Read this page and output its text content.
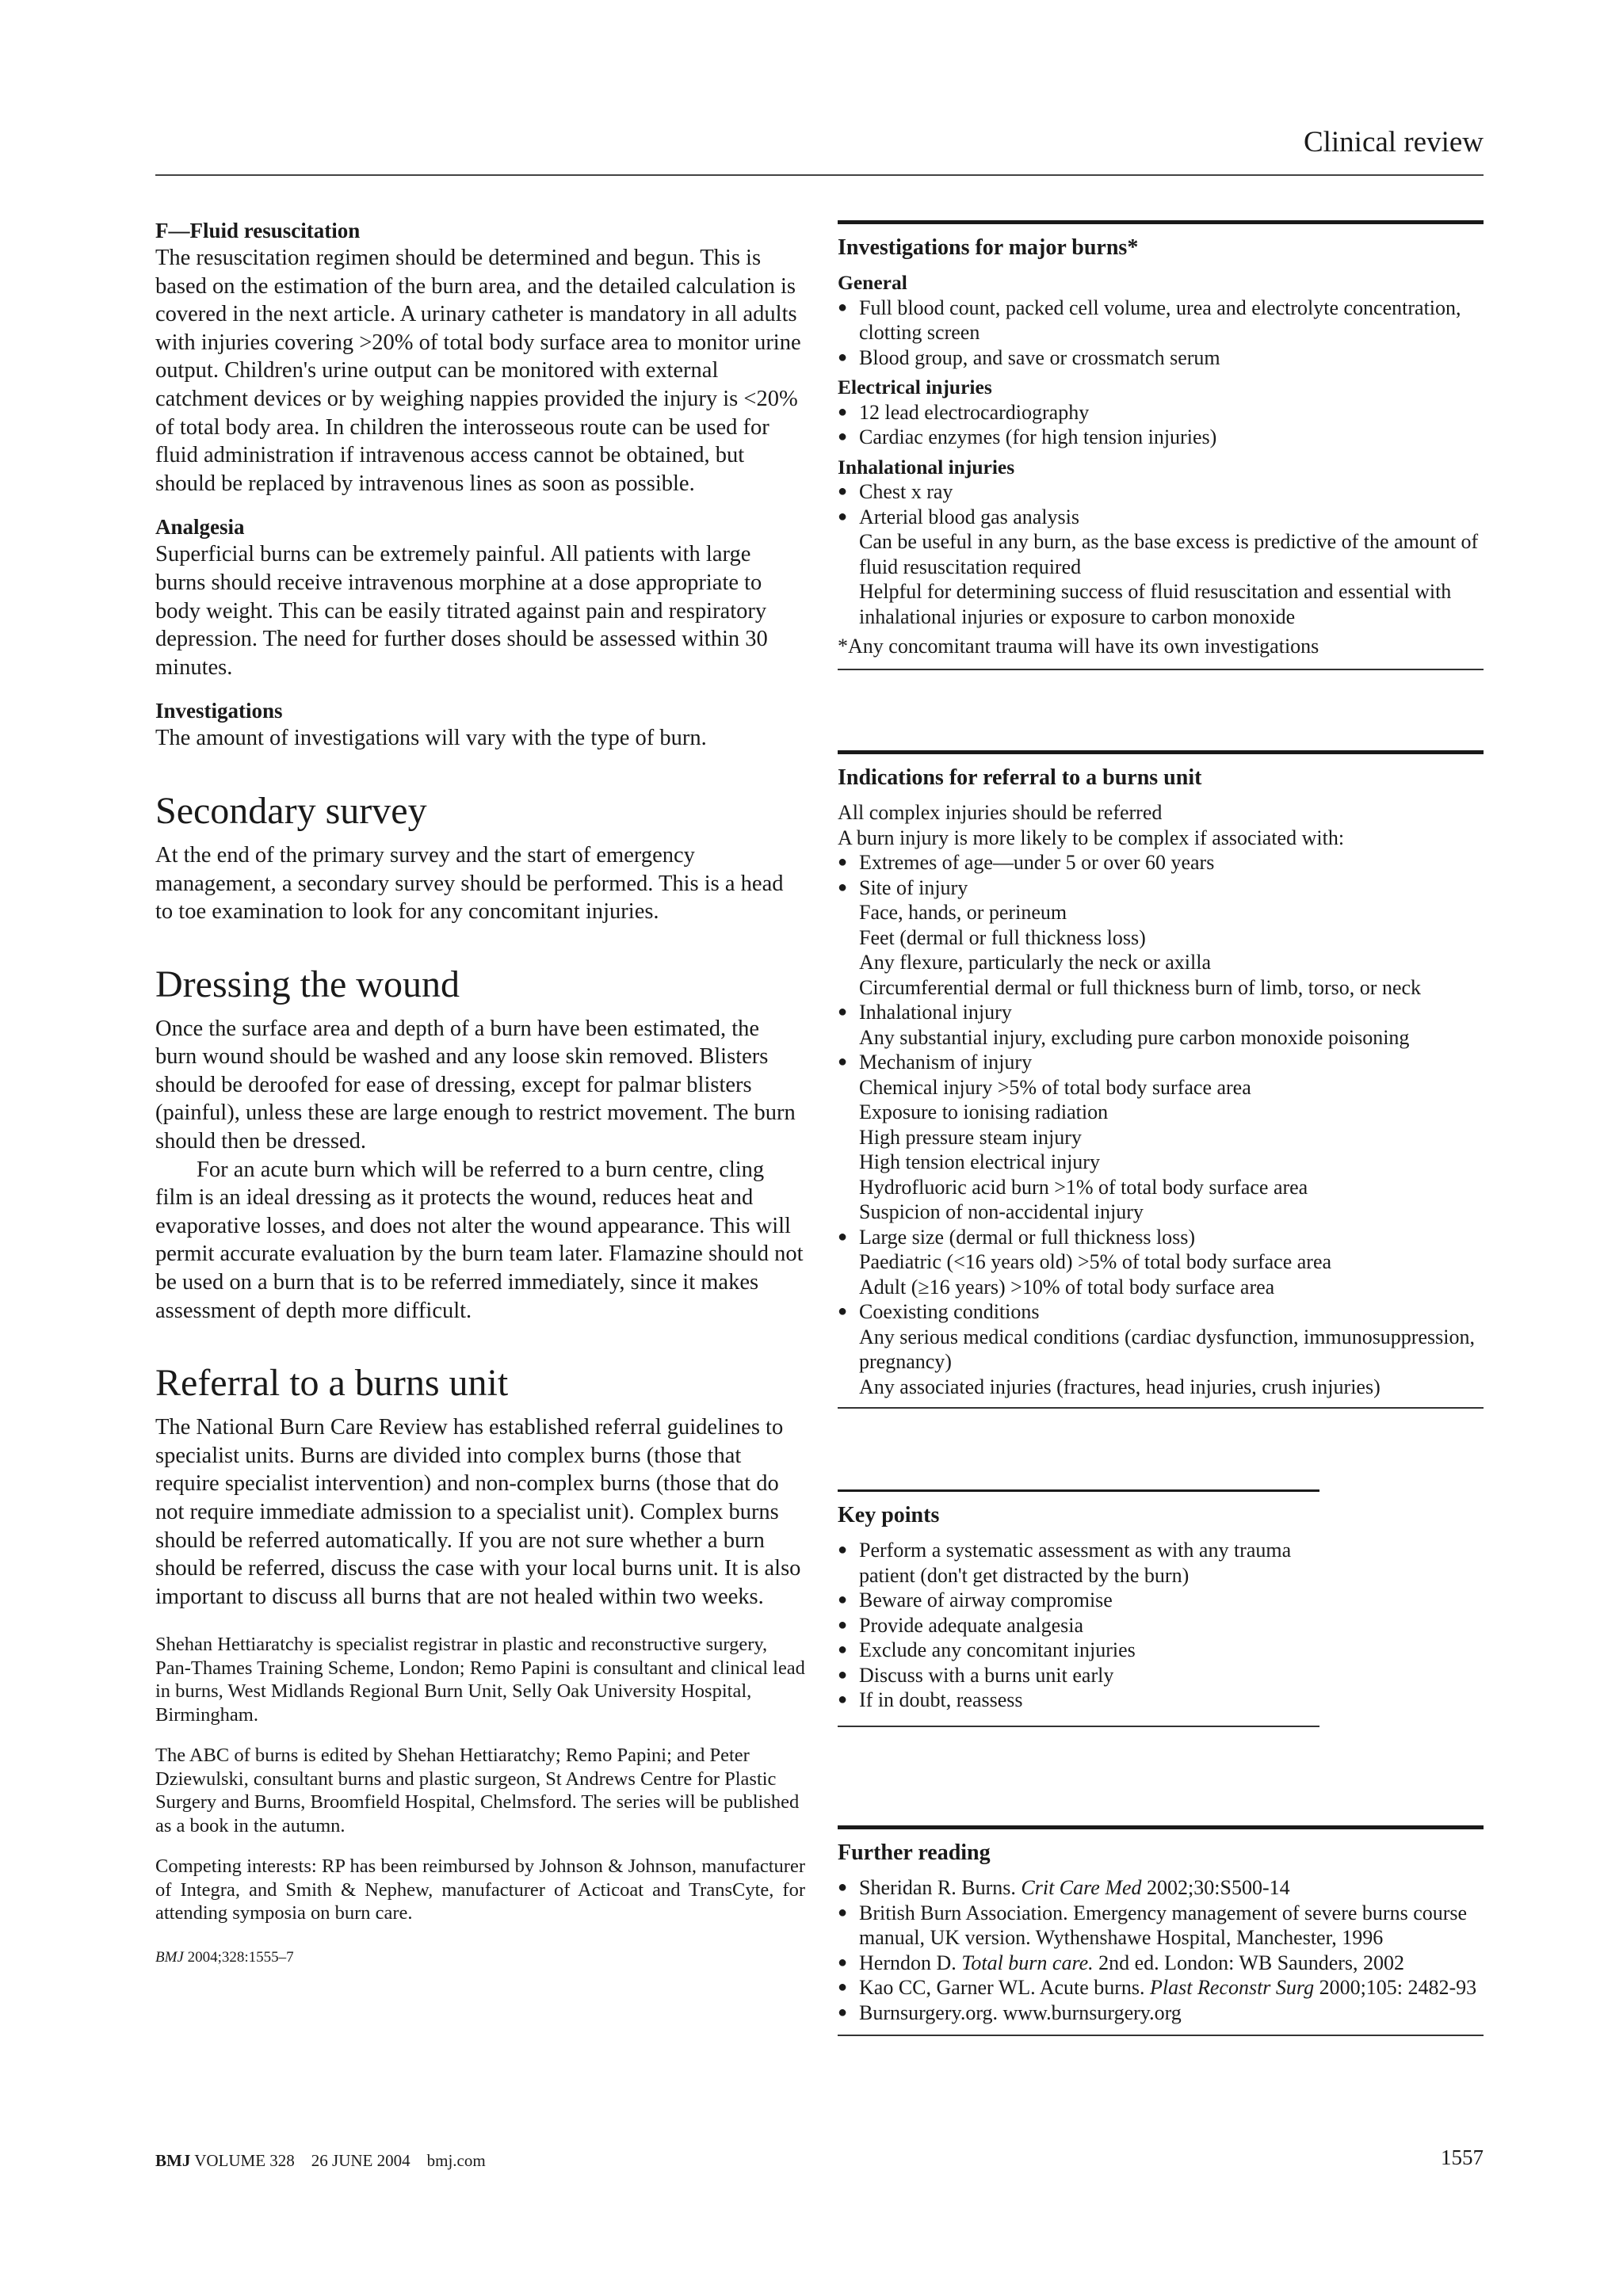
Clinical review

F—Fluid resuscitation

The resuscitation regimen should be determined and begun. This is based on the estimation of the burn area, and the detailed calculation is covered in the next article. A urinary catheter is mandatory in all adults with injuries covering >20% of total body surface area to monitor urine output. Children's urine output can be monitored with external catchment devices or by weighing nappies provided the injury is <20% of total body area. In children the interosseous route can be used for fluid administration if intravenous access cannot be obtained, but should be replaced by intravenous lines as soon as possible.

Analgesia

Superficial burns can be extremely painful. All patients with large burns should receive intravenous morphine at a dose appropriate to body weight. This can be easily titrated against pain and respiratory depression. The need for further doses should be assessed within 30 minutes.

Investigations

The amount of investigations will vary with the type of burn.

Secondary survey

At the end of the primary survey and the start of emergency management, a secondary survey should be performed. This is a head to toe examination to look for any concomitant injuries.

Dressing the wound

Once the surface area and depth of a burn have been estimated, the burn wound should be washed and any loose skin removed. Blisters should be deroofed for ease of dressing, except for palmar blisters (painful), unless these are large enough to restrict movement. The burn should then be dressed.

For an acute burn which will be referred to a burn centre, cling film is an ideal dressing as it protects the wound, reduces heat and evaporative losses, and does not alter the wound appearance. This will permit accurate evaluation by the burn team later. Flamazine should not be used on a burn that is to be referred immediately, since it makes assessment of depth more difficult.

Referral to a burns unit

The National Burn Care Review has established referral guidelines to specialist units. Burns are divided into complex burns (those that require specialist intervention) and non-complex burns (those that do not require immediate admission to a specialist unit). Complex burns should be referred automatically. If you are not sure whether a burn should be referred, discuss the case with your local burns unit. It is also important to discuss all burns that are not healed within two weeks.

Shehan Hettiaratchy is specialist registrar in plastic and reconstructive surgery, Pan-Thames Training Scheme, London; Remo Papini is consultant and clinical lead in burns, West Midlands Regional Burn Unit, Selly Oak University Hospital, Birmingham.

The ABC of burns is edited by Shehan Hettiaratchy; Remo Papini; and Peter Dziewulski, consultant burns and plastic surgeon, St Andrews Centre for Plastic Surgery and Burns, Broomfield Hospital, Chelmsford. The series will be published as a book in the autumn.

Competing interests: RP has been reimbursed by Johnson & Johnson, manufacturer of Integra, and Smith & Nephew, manufacturer of Acticoat and TransCyte, for attending symposia on burn care.

BMJ 2004;328:1555–7

Investigations for major burns*

General

● Full blood count, packed cell volume, urea and electrolyte concentration, clotting screen

● Blood group, and save or crossmatch serum

Electrical injuries

● 12 lead electrocardiography

● Cardiac enzymes (for high tension injuries)

Inhalational injuries

● Chest x ray

● Arterial blood gas analysis

Can be useful in any burn, as the base excess is predictive of the amount of fluid resuscitation required

Helpful for determining success of fluid resuscitation and essential with inhalational injuries or exposure to carbon monoxide

*Any concomitant trauma will have its own investigations

Indications for referral to a burns unit

All complex injuries should be referred

A burn injury is more likely to be complex if associated with:

● Extremes of age—under 5 or over 60 years

● Site of injury

Face, hands, or perineum

Feet (dermal or full thickness loss)

Any flexure, particularly the neck or axilla

Circumferential dermal or full thickness burn of limb, torso, or neck

● Inhalational injury

Any substantial injury, excluding pure carbon monoxide poisoning

● Mechanism of injury

Chemical injury >5% of total body surface area

Exposure to ionising radiation

High pressure steam injury

High tension electrical injury

Hydrofluoric acid burn >1% of total body surface area

Suspicion of non-accidental injury

● Large size (dermal or full thickness loss)

Paediatric (<16 years old) >5% of total body surface area

Adult (≥16 years) >10% of total body surface area

● Coexisting conditions

Any serious medical conditions (cardiac dysfunction, immunosuppression, pregnancy)

Any associated injuries (fractures, head injuries, crush injuries)

Key points

● Perform a systematic assessment as with any trauma patient (don't get distracted by the burn)

● Beware of airway compromise

● Provide adequate analgesia

● Exclude any concomitant injuries

● Discuss with a burns unit early

● If in doubt, reassess

Further reading

● Sheridan R. Burns. Crit Care Med 2002;30:S500-14

● British Burn Association. Emergency management of severe burns course manual, UK version. Wythenshawe Hospital, Manchester, 1996

● Herndon D. Total burn care. 2nd ed. London: WB Saunders, 2002

● Kao CC, Garner WL. Acute burns. Plast Reconstr Surg 2000;105: 2482-93

● Burnsurgery.org. www.burnsurgery.org

BMJ VOLUME 328    26 JUNE 2004    bmj.com	1557
